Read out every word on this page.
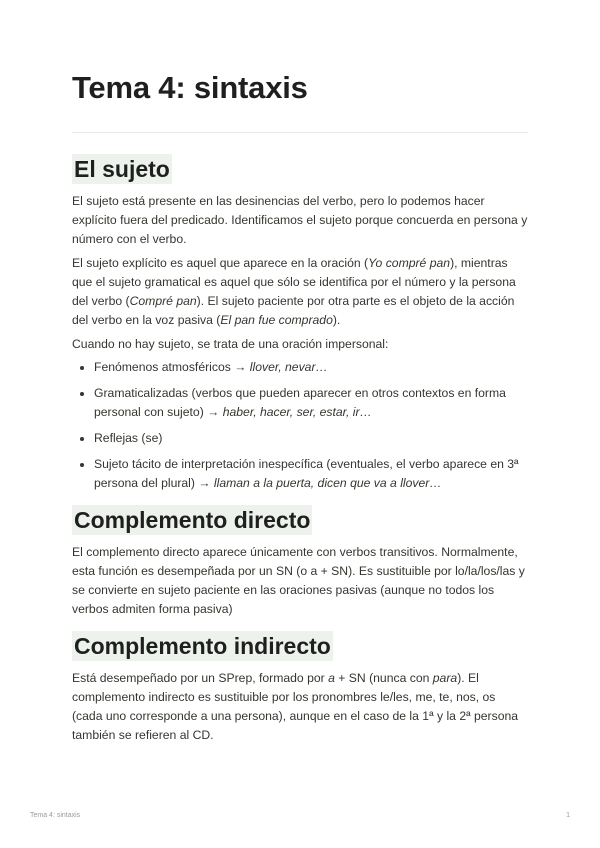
Tema 4: sintaxis
El sujeto

El sujeto está presente en las desinencias del verbo, pero lo podemos hacer explícito fuera del predicado. Identificamos el sujeto porque concuerda en persona y número con el verbo.

El sujeto explícito es aquel que aparece en la oración (Yo compré pan), mientras que el sujeto gramatical es aquel que sólo se identifica por el número y la persona del verbo (Compré pan). El sujeto paciente por otra parte es el objeto de la acción del verbo en la voz pasiva (El pan fue comprado).

Cuando no hay sujeto, se trata de una oración impersonal:

• Fenómenos atmosféricos → llover, nevar…
• Gramaticalizadas (verbos que pueden aparecer en otros contextos en forma personal con sujeto) → haber, hacer, ser, estar, ir…
• Reflejas (se)
• Sujeto tácito de interpretación inespecífica (eventuales, el verbo aparece en 3ª persona del plural) → llaman a la puerta, dicen que va a llover…
Complemento directo

El complemento directo aparece únicamente con verbos transitivos. Normalmente, esta función es desempeñada por un SN (o a + SN). Es sustituible por lo/la/los/las y se convierte en sujeto paciente en las oraciones pasivas (aunque no todos los verbos admiten forma pasiva)

Complemento indirecto

Está desempeñado por un SPrep, formado por a + SN (nunca con para). El complemento indirecto es sustituible por los pronombres le/les, me, te, nos, os (cada uno corresponde a una persona), aunque en el caso de la 1ª y la 2ª persona también se refieren al CD.

Tema 4: sintaxis	1
